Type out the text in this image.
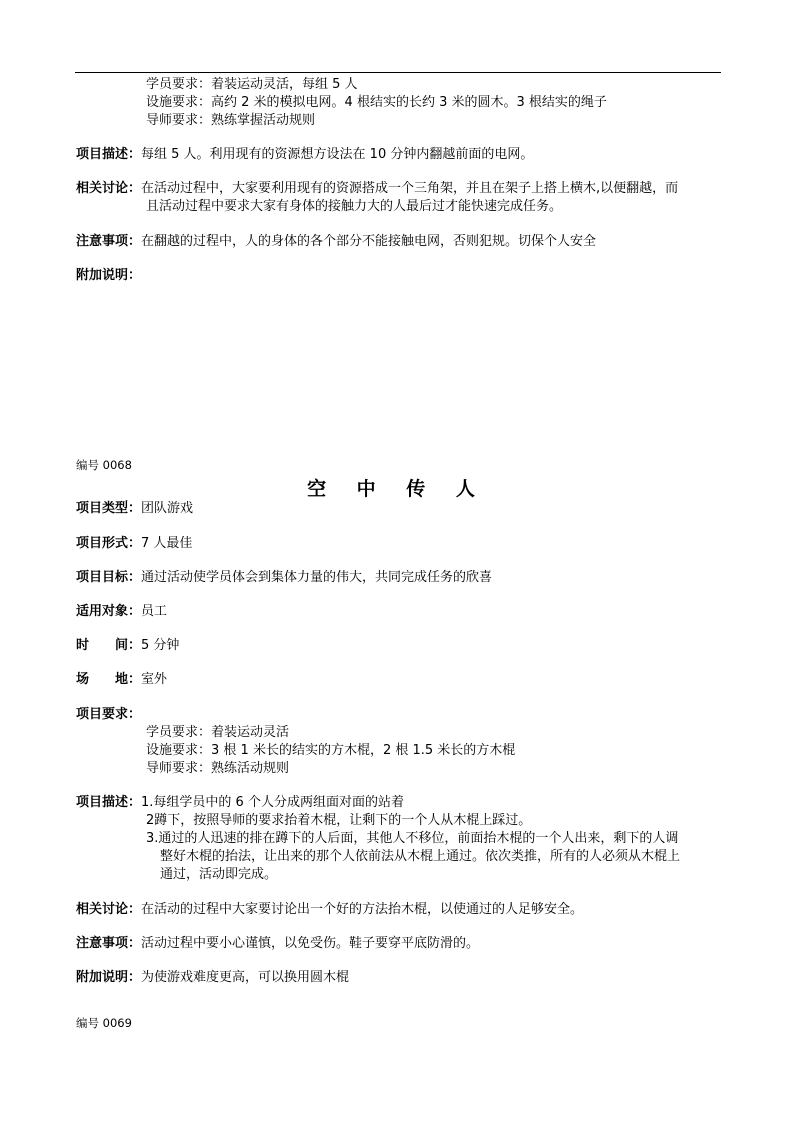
学员要求：着装运动灵活，每组 5 人
设施要求：高约 2 米的模拟电网。4 根结实的长约 3 米的圆木。3 根结实的绳子
导师要求：熟练掌握活动规则
项目描述：每组 5 人。利用现有的资源想方设法在 10 分钟内翻越前面的电网。
相关讨论：在活动过程中，大家要利用现有的资源搭成一个三角架，并且在架子上搭上横木,以便翻越，而
且活动过程中要求大家有身体的接触力大的人最后过才能快速完成任务。
注意事项：在翻越的过程中，人的身体的各个部分不能接触电网，否则犯规。切保个人安全
附加说明：
编号 0068
空 中 传 人
项目类型：团队游戏
项目形式：7 人最佳
项目目标：通过活动使学员体会到集体力量的伟大，共同完成任务的欣喜
适用对象：员工
时 间：5 分钟
场 地：室外
项目要求：
学员要求：着装运动灵活
设施要求：3 根 1 米长的结实的方木棍，2 根 1.5 米长的方木棍
导师要求：熟练活动规则
项目描述：1.每组学员中的 6 个人分成两组面对面的站着
2蹲下，按照导师的要求抬着木棍，让剩下的一个人从木棍上踩过。
3.通过的人迅速的排在蹲下的人后面，其他人不移位，前面抬木棍的一个人出来，剩下的人调
整好木棍的抬法，让出来的那个人依前法从木棍上通过。依次类推，所有的人必须从木棍上
通过，活动即完成。
相关讨论：在活动的过程中大家要讨论出一个好的方法抬木棍，以使通过的人足够安全。
注意事项：活动过程中要小心谨慎，以免受伤。鞋子要穿平底防滑的。
附加说明：为使游戏难度更高，可以换用圆木棍
编号 0069
